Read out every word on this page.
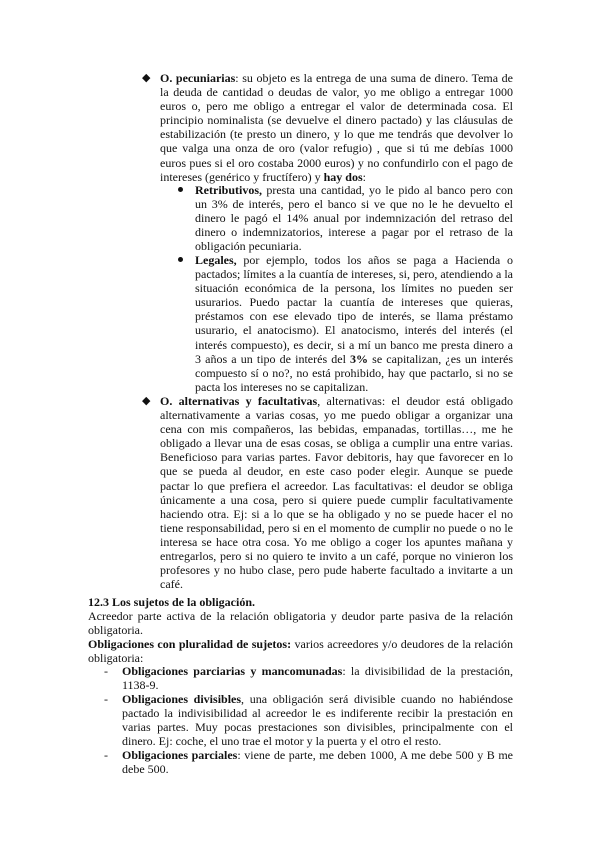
◆ O. pecuniarias: su objeto es la entrega de una suma de dinero. Tema de la deuda de cantidad o deudas de valor, yo me obligo a entregar 1000 euros o, pero me obligo a entregar el valor de determinada cosa. El principio nominalista (se devuelve el dinero pactado) y las cláusulas de estabilización (te presto un dinero, y lo que me tendrás que devolver lo que valga una onza de oro (valor refugio) , que si tú me debías 1000 euros pues si el oro costaba 2000 euros) y no confundirlo con el pago de intereses (genérico y fructífero) y hay dos:

Retributivos, presta una cantidad, yo le pido al banco pero con un 3% de interés, pero el banco si ve que no le he devuelto el dinero le pagó el 14% anual por indemnización del retraso del dinero o indemnizatorios, interese a pagar por el retraso de la obligación pecuniaria.

Legales, por ejemplo, todos los años se paga a Hacienda o pactados; límites a la cuantía de intereses, si, pero, atendiendo a la situación económica de la persona, los límites no pueden ser usurarios. Puedo pactar la cuantía de intereses que quieras, préstamos con ese elevado tipo de interés, se llama préstamo usurario, el anatocismo). El anatocismo, interés del interés (el interés compuesto), es decir, si a mí un banco me presta dinero a 3 años a un tipo de interés del 3% se capitalizan, ¿es un interés compuesto sí o no?, no está prohibido, hay que pactarlo, si no se pacta los intereses no se capitalizan.

◆ O. alternativas y facultativas, alternativas: el deudor está obligado alternativamente a varias cosas, yo me puedo obligar a organizar una cena con mis compañeros, las bebidas, empanadas, tortillas…, me he obligado a llevar una de esas cosas, se obliga a cumplir una entre varias. Beneficioso para varias partes. Favor debitoris, hay que favorecer en lo que se pueda al deudor, en este caso poder elegir. Aunque se puede pactar lo que prefiera el acreedor. Las facultativas: el deudor se obliga únicamente a una cosa, pero si quiere puede cumplir facultativamente haciendo otra. Ej: si a lo que se ha obligado y no se puede hacer el no tiene responsabilidad, pero si en el momento de cumplir no puede o no le interesa se hace otra cosa. Yo me obligo a coger los apuntes mañana y entregarlos, pero si no quiero te invito a un café, porque no vinieron los profesores y no hubo clase, pero pude haberte facultado a invitarte a un café.

12.3 Los sujetos de la obligación.

Acreedor parte activa de la relación obligatoria y deudor parte pasiva de la relación obligatoria.

Obligaciones con pluralidad de sujetos: varios acreedores y/o deudores de la relación obligatoria:

- Obligaciones parciarias y mancomunadas: la divisibilidad de la prestación, 1138-9.

- Obligaciones divisibles, una obligación será divisible cuando no habiéndose pactado la indivisibilidad al acreedor le es indiferente recibir la prestación en varias partes. Muy pocas prestaciones son divisibles, principalmente con el dinero. Ej: coche, el uno trae el motor y la puerta y el otro el resto.

- Obligaciones parciales: viene de parte, me deben 1000, A me debe 500 y B me debe 500.
